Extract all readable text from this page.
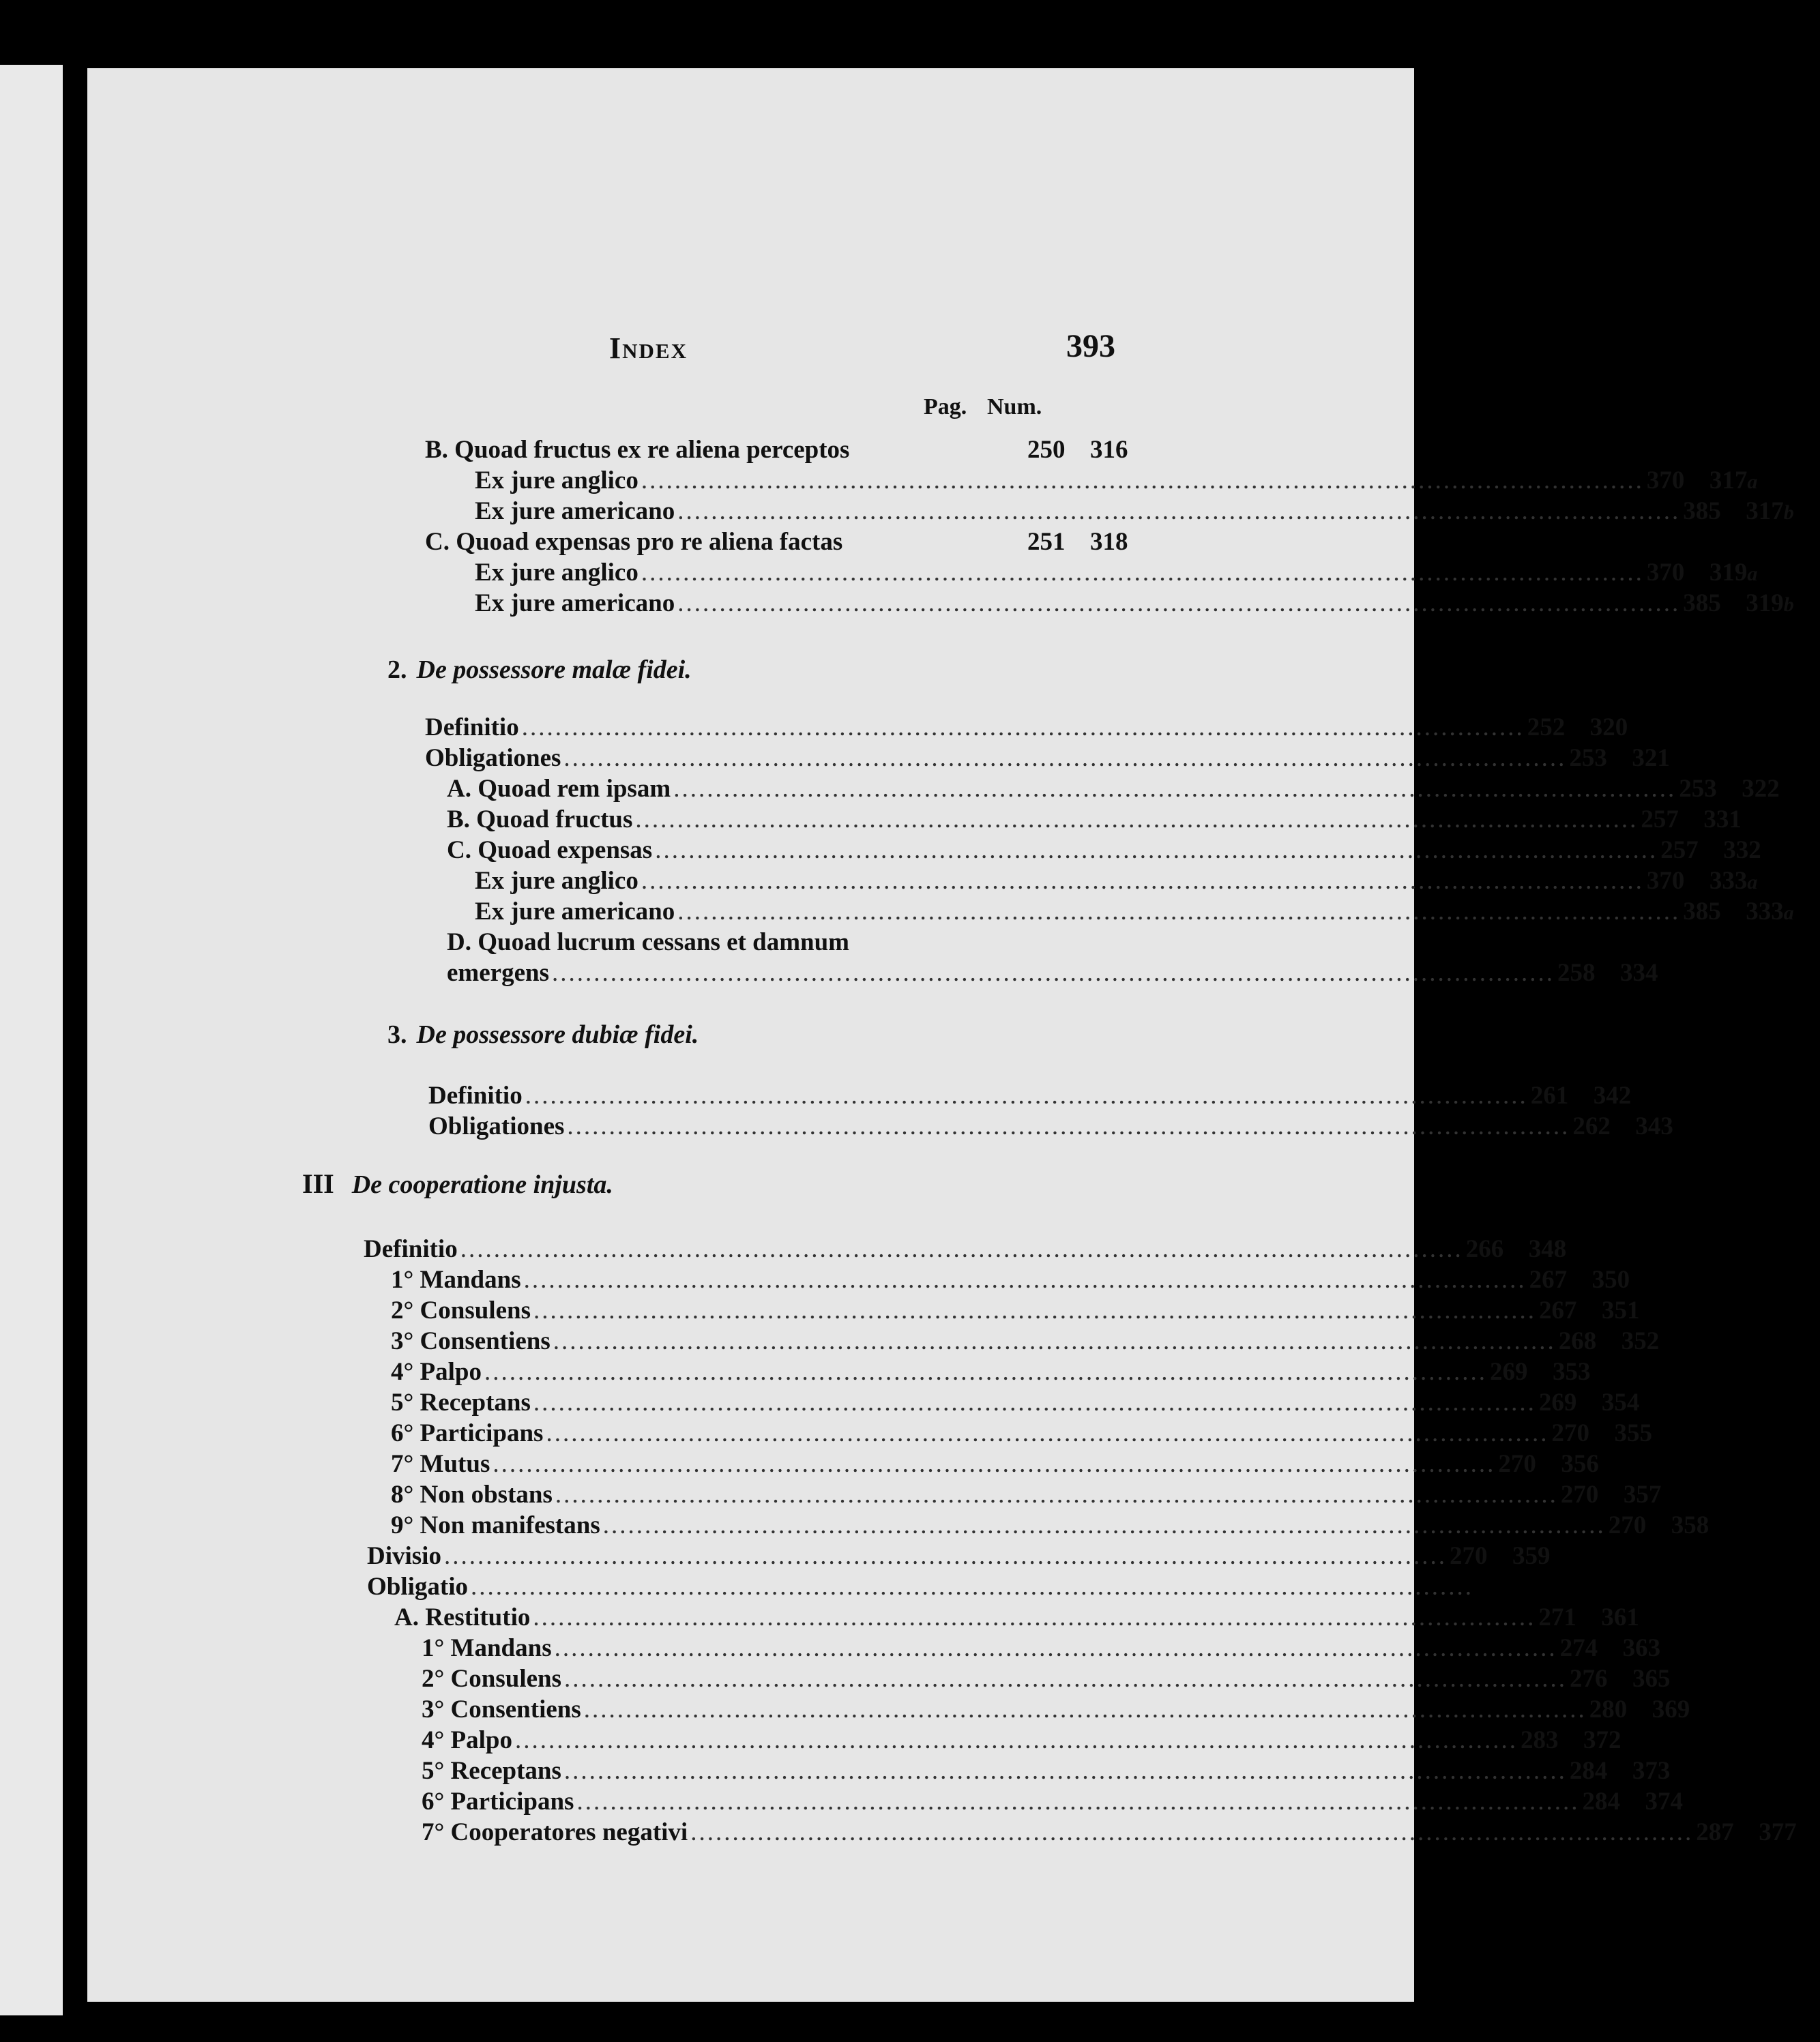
Index	393
Pag. Num.
2. De possessore malæ fidei.
3. De possessore dubiæ fidei.
III De cooperatione injusta.
B. Quoad fructus ex re aliena perceptos	250 316
Ex jure anglico ........................................................................................................................ 370 317a
Ex jure americano ........................................................................................................................ 385 317b
C. Quoad expensas pro re aliena factas	251 318
Ex jure anglico ........................................................................................................................ 370 319a
Ex jure americano ........................................................................................................................ 385 319b
Definitio ........................................................................................................................ 252 320
Obligationes ........................................................................................................................ 253 321
A. Quoad rem ipsam ........................................................................................................................ 253 322
B. Quoad fructus ........................................................................................................................ 257 331
C. Quoad expensas ........................................................................................................................ 257 332
Ex jure anglico ........................................................................................................................ 370 333a
Ex jure americano ........................................................................................................................ 385 333a
D. Quoad lucrum cessans et damnum
emergens ........................................................................................................................ 258 334
Definitio ........................................................................................................................ 261 342
Obligationes ........................................................................................................................ 262 343
Definitio ........................................................................................................................ 266 348
1° Mandans ........................................................................................................................ 267 350
2° Consulens ........................................................................................................................ 267 351
3° Consentiens ........................................................................................................................ 268 352
4° Palpo ........................................................................................................................ 269 353
5° Receptans ........................................................................................................................ 269 354
6° Participans ........................................................................................................................ 270 355
7° Mutus ........................................................................................................................ 270 356
8° Non obstans ........................................................................................................................ 270 357
9° Non manifestans ........................................................................................................................ 270 358
Divisio ........................................................................................................................ 270 359
Obligatio ........................................................................................................................
A. Restitutio ........................................................................................................................ 271 361
1° Mandans ........................................................................................................................ 274 363
2° Consulens ........................................................................................................................ 276 365
3° Consentiens ........................................................................................................................ 280 369
4° Palpo ........................................................................................................................ 283 372
5° Receptans ........................................................................................................................ 284 373
6° Participans ........................................................................................................................ 284 374
7° Cooperatores negativi ........................................................................................................................ 287 377
